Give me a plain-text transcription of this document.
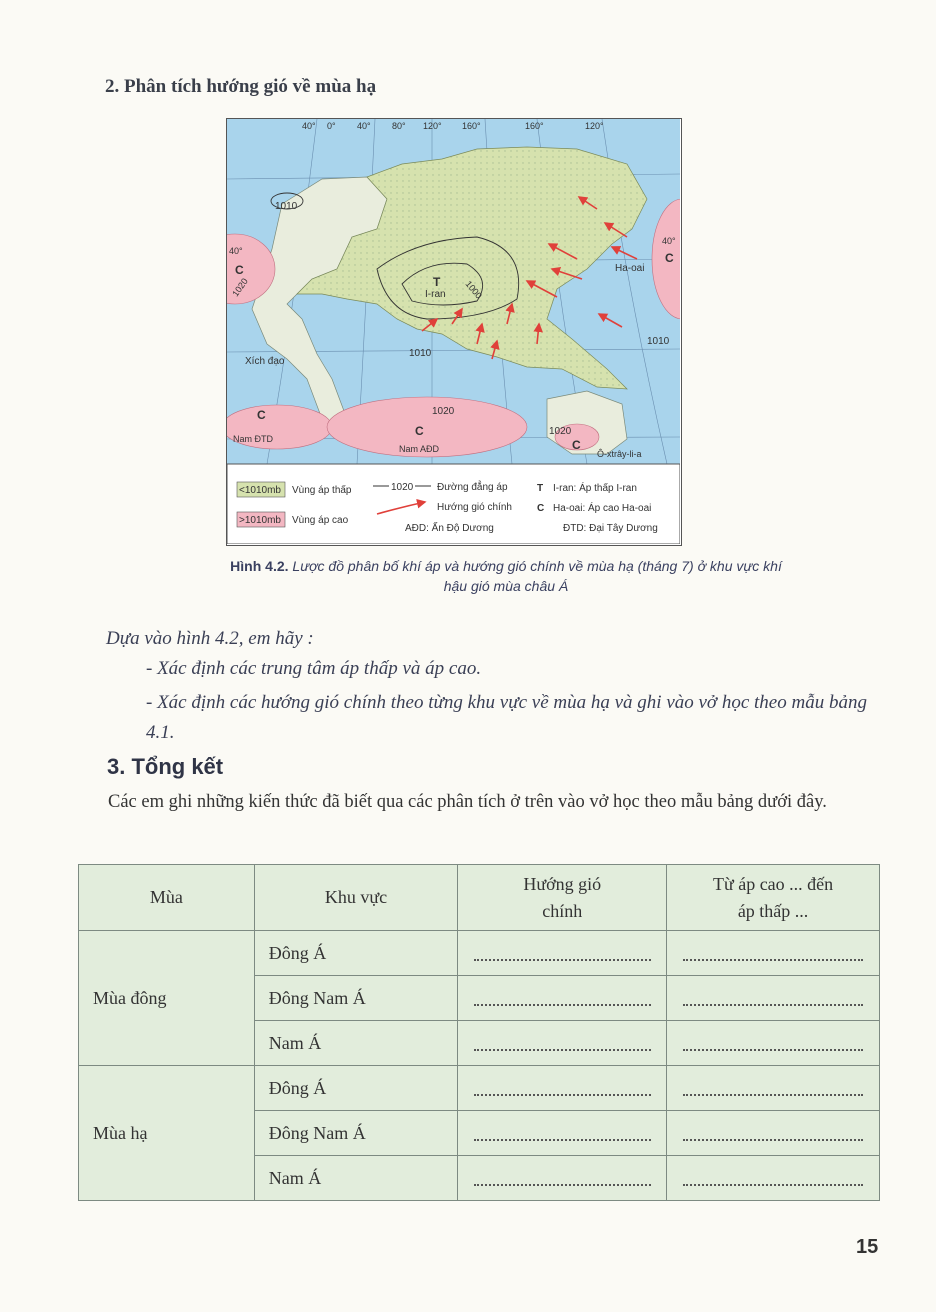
2. Phân tích hướng gió về mùa hạ
40° 0° 40° 80° 120° 160°	160°	120°
1010
1020	1000
1010
1010
1020
1020
40°
40°
C
C
C
C
C
T
I-ran
Ha-oai
Xích đạo
Nam ĐTD
Nam AĐD	Ô-xtrây-li-a
<1010mb Vùng áp thấp
>1010mb Vùng áp cao
1020 Đường đẳng áp
Hướng gió chính
AĐD: Ấn Độ Dương
T I-ran: Áp thấp I-ran
C Ha-oai: Áp cao Ha-oai
ĐTD: Đại Tây Dương
Hình 4.2. Lược đồ phân bố khí áp và hướng gió chính về mùa hạ (tháng 7) ở khu vực khí hậu gió mùa châu Á
Dựa vào hình 4.2, em hãy :
- Xác định các trung tâm áp thấp và áp cao.
- Xác định các hướng gió chính theo từng khu vực về mùa hạ và ghi vào vở học theo mẫu bảng 4.1.
3. Tổng kết
Các em ghi những kiến thức đã biết qua các phân tích ở trên vào vở học theo mẫu bảng dưới đây.
Mùa	Khu vực	Hướng gió chính	Từ áp cao ... đến áp thấp ...

Mùa đông	Đông Á	

	Đông Nam Á	

	Nam Á	

Mùa hạ	Đông Á	

	Đông Nam Á	

	Nam Á	

15
